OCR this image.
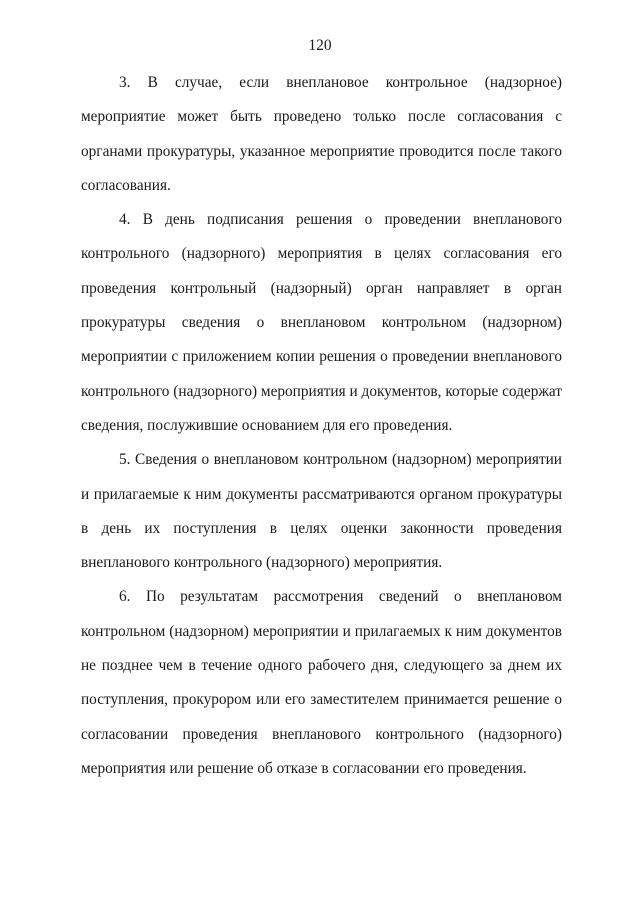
120

3. В случае, если внеплановое контрольное (надзорное) мероприятие может быть проведено только после согласования с органами прокуратуры, указанное мероприятие проводится после такого согласования.

4. В день подписания решения о проведении внепланового контрольного (надзорного) мероприятия в целях согласования его проведения контрольный (надзорный) орган направляет в орган прокуратуры сведения о внеплановом контрольном (надзорном) мероприятии с приложением копии решения о проведении внепланового контрольного (надзорного) мероприятия и документов, которые содержат сведения, послужившие основанием для его проведения.

5. Сведения о внеплановом контрольном (надзорном) мероприятии и прилагаемые к ним документы рассматриваются органом прокуратуры в день их поступления в целях оценки законности проведения внепланового контрольного (надзорного) мероприятия.

6. По результатам рассмотрения сведений о внеплановом контрольном (надзорном) мероприятии и прилагаемых к ним документов не позднее чем в течение одного рабочего дня, следующего за днем их поступления, прокурором или его заместителем принимается решение о согласовании проведения внепланового контрольного (надзорного) мероприятия или решение об отказе в согласовании его проведения.
